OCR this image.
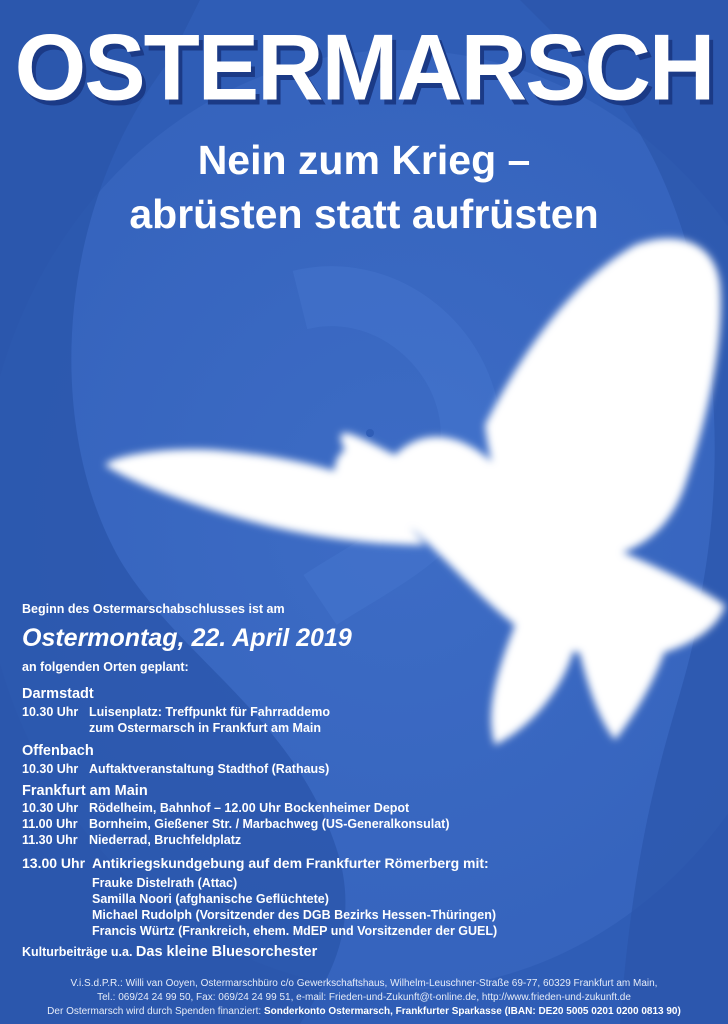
OSTERMARSCH
Nein zum Krieg –
abrüsten statt aufrüsten
Beginn des Ostermarschabschlusses ist am
Ostermontag, 22. April 2019
an folgenden Orten geplant:
Darmstadt
10.30 Uhr Luisenplatz: Treffpunkt für Fahrraddemo
zum Ostermarsch in Frankfurt am Main
Offenbach
10.30 Uhr Auftaktveranstaltung Stadthof (Rathaus)
Frankfurt am Main
10.30 Uhr Rödelheim, Bahnhof – 12.00 Uhr Bockenheimer Depot
11.00 Uhr Bornheim, Gießener Str. / Marbachweg (US-Generalkonsulat)
11.30 Uhr Niederrad, Bruchfeldplatz
13.00 Uhr Antikriegskundgebung auf dem Frankfurter Römerberg mit:
Frauke Distelrath (Attac)
Samilla Noori (afghanische Geflüchtete)
Michael Rudolph (Vorsitzender des DGB Bezirks Hessen-Thüringen)
Francis Würtz (Frankreich, ehem. MdEP und Vorsitzender der GUEL)
Kulturbeiträge u.a. Das kleine Bluesorchester
V.i.S.d.P.R.: Willi van Ooyen, Ostermarschbüro c/o Gewerkschaftshaus, Wilhelm-Leuschner-Straße 69-77, 60329 Frankfurt am Main,
Tel.: 069/24 24 99 50, Fax: 069/24 24 99 51, e-mail: Frieden-und-Zukunft@t-online.de, http://www.frieden-und-zukunft.de
Der Ostermarsch wird durch Spenden finanziert: Sonderkonto Ostermarsch, Frankfurter Sparkasse (IBAN: DE20 5005 0201 0200 0813 90)
